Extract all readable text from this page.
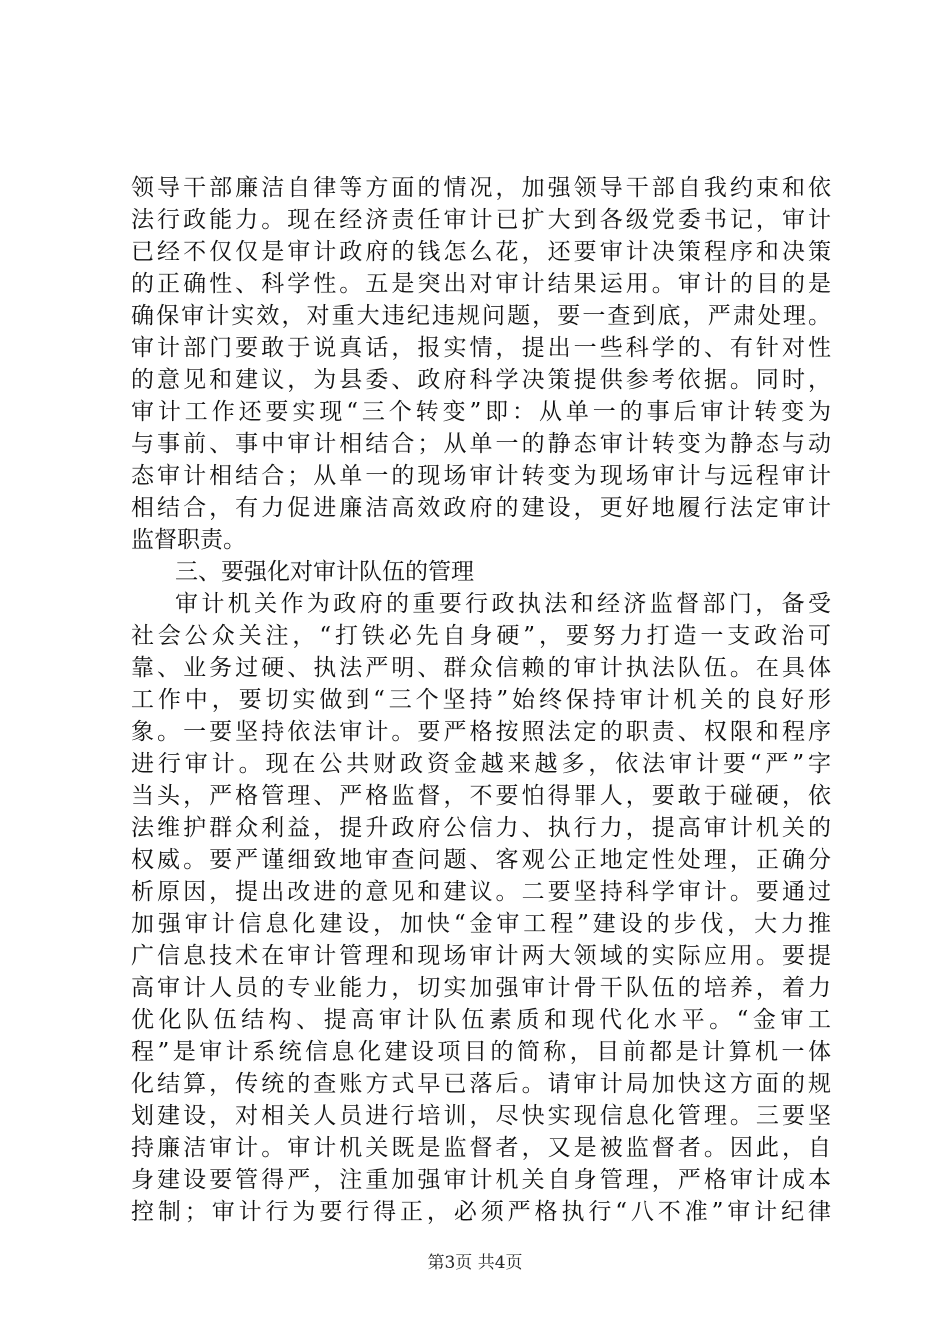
领导干部廉洁自律等方面的情况，加强领导干部自我约束和依
法行政能力。现在经济责任审计已扩大到各级党委书记，审计
已经不仅仅是审计政府的钱怎么花，还要审计决策程序和决策
的正确性、科学性。五是突出对审计结果运用。审计的目的是
确保审计实效，对重大违纪违规问题，要一查到底，严肃处理。
审计部门要敢于说真话，报实情，提出一些科学的、有针对性
的意见和建议，为县委、政府科学决策提供参考依据。同时，
审计工作还要实现“三个转变”即：从单一的事后审计转变为
与事前、事中审计相结合；从单一的静态审计转变为静态与动
态审计相结合；从单一的现场审计转变为现场审计与远程审计
相结合，有力促进廉洁高效政府的建设，更好地履行法定审计
监督职责。
三、要强化对审计队伍的管理
审计机关作为政府的重要行政执法和经济监督部门，备受
社会公众关注，“打铁必先自身硬”，要努力打造一支政治可
靠、业务过硬、执法严明、群众信赖的审计执法队伍。在具体
工作中，要切实做到“三个坚持”始终保持审计机关的良好形
象。一要坚持依法审计。要严格按照法定的职责、权限和程序
进行审计。现在公共财政资金越来越多，依法审计要“严”字
当头，严格管理、严格监督，不要怕得罪人，要敢于碰硬，依
法维护群众利益，提升政府公信力、执行力，提高审计机关的
权威。要严谨细致地审查问题、客观公正地定性处理，正确分
析原因，提出改进的意见和建议。二要坚持科学审计。要通过
加强审计信息化建设，加快“金审工程”建设的步伐，大力推
广信息技术在审计管理和现场审计两大领域的实际应用。要提
高审计人员的专业能力，切实加强审计骨干队伍的培养，着力
优化队伍结构、提高审计队伍素质和现代化水平。“金审工
程”是审计系统信息化建设项目的简称，目前都是计算机一体
化结算，传统的查账方式早已落后。请审计局加快这方面的规
划建设，对相关人员进行培训，尽快实现信息化管理。三要坚
持廉洁审计。审计机关既是监督者，又是被监督者。因此，自
身建设要管得严，注重加强审计机关自身管理，严格审计成本
控制；审计行为要行得正，必须严格执行“八不准”审计纪律
第3页 共4页
